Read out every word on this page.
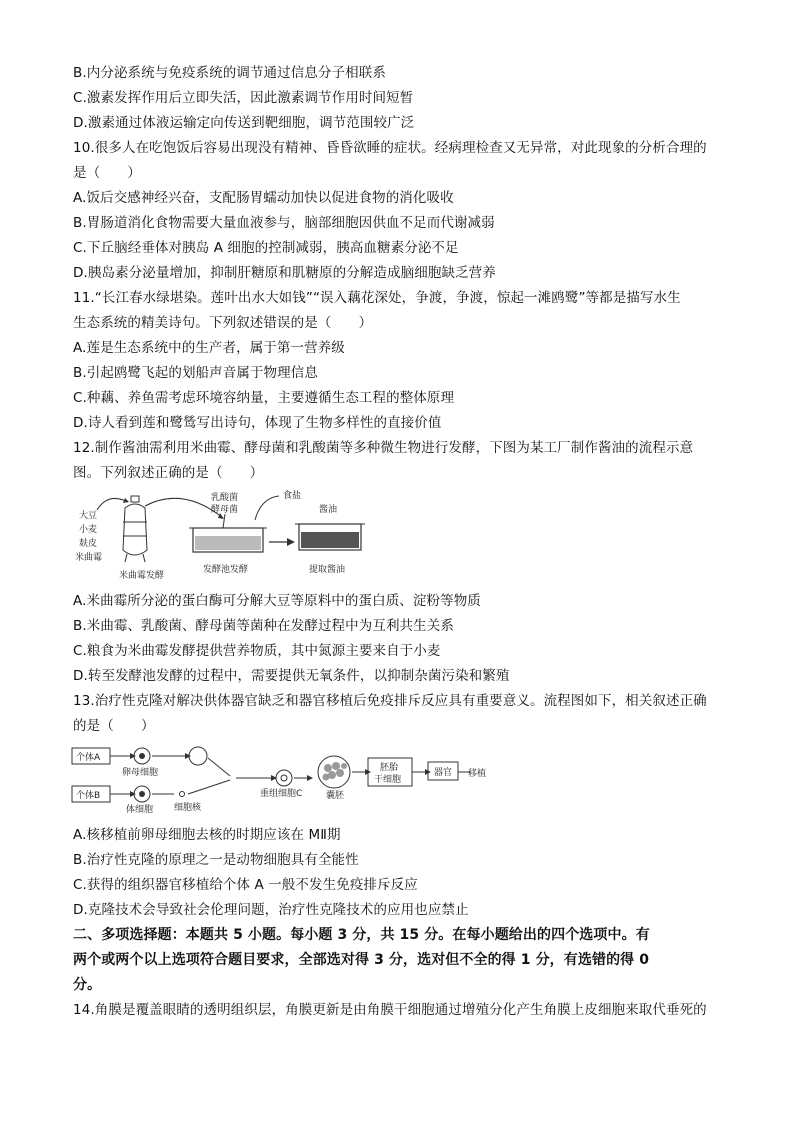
B.内分泌系统与免疫系统的调节通过信息分子相联系
C.激素发挥作用后立即失活，因此激素调节作用时间短暂
D.激素通过体液运输定向传送到靶细胞，调节范围较广泛
10.很多人在吃饱饭后容易出现没有精神、昏昏欲睡的症状。经病理检查又无异常，对此现象的分析合理的
是（　　）
A.饭后交感神经兴奋，支配肠胃蠕动加快以促进食物的消化吸收
B.胃肠道消化食物需要大量血液参与，脑部细胞因供血不足而代谢减弱
C.下丘脑经垂体对胰岛 A 细胞的控制减弱，胰高血糖素分泌不足
D.胰岛素分泌量增加，抑制肝糖原和肌糖原的分解造成脑细胞缺乏营养
11.“长江春水绿堪染。莲叶出水大如钱”“误入藕花深处，争渡，争渡，惊起一滩鸥鹭”等都是描写水生
生态系统的精美诗句。下列叙述错误的是（　　）
A.莲是生态系统中的生产者，属于第一营养级
B.引起鸥鹭飞起的划船声音属于物理信息
C.种藕、养鱼需考虑环境容纳量，主要遵循生态工程的整体原理
D.诗人看到莲和鹭鸶写出诗句，体现了生物多样性的直接价值
12.制作酱油需利用米曲霉、酵母菌和乳酸菌等多种微生物进行发酵，下图为某工厂制作酱油的流程示意
图。下列叙述正确的是（　　）
大豆
小麦
麸皮
米曲霉
米曲霉发酵
乳酸菌
酵母菌
食盐
发酵池发酵
酱油
提取酱油
A.米曲霉所分泌的蛋白酶可分解大豆等原料中的蛋白质、淀粉等物质
B.米曲霉、乳酸菌、酵母菌等菌种在发酵过程中为互利共生关系
C.粮食为米曲霉发酵提供营养物质，其中氮源主要来自于小麦
D.转至发酵池发酵的过程中，需要提供无氧条件，以抑制杂菌污染和繁殖
13.治疗性克隆对解决供体器官缺乏和器官移植后免疫排斥反应具有重要意义。流程图如下，相关叙述正确
的是（　　）
个体A
个体B
卵母细胞
体细胞 细胞核
重组细胞C	囊胚
胚胎
干细胞
器官 移植
A.核移植前卵母细胞去核的时期应该在 MⅡ期
B.治疗性克隆的原理之一是动物细胞具有全能性
C.获得的组织器官移植给个体 A 一般不发生免疫排斥反应
D.克隆技术会导致社会伦理问题，治疗性克隆技术的应用也应禁止
二、多项选择题：本题共 5 小题。每小题 3 分，共 15 分。在每小题给出的四个选项中。有
两个或两个以上选项符合题目要求，全部选对得 3 分，选对但不全的得 1 分，有选错的得 0
分。
14.角膜是覆盖眼睛的透明组织层，角膜更新是由角膜干细胞通过增殖分化产生角膜上皮细胞来取代垂死的
